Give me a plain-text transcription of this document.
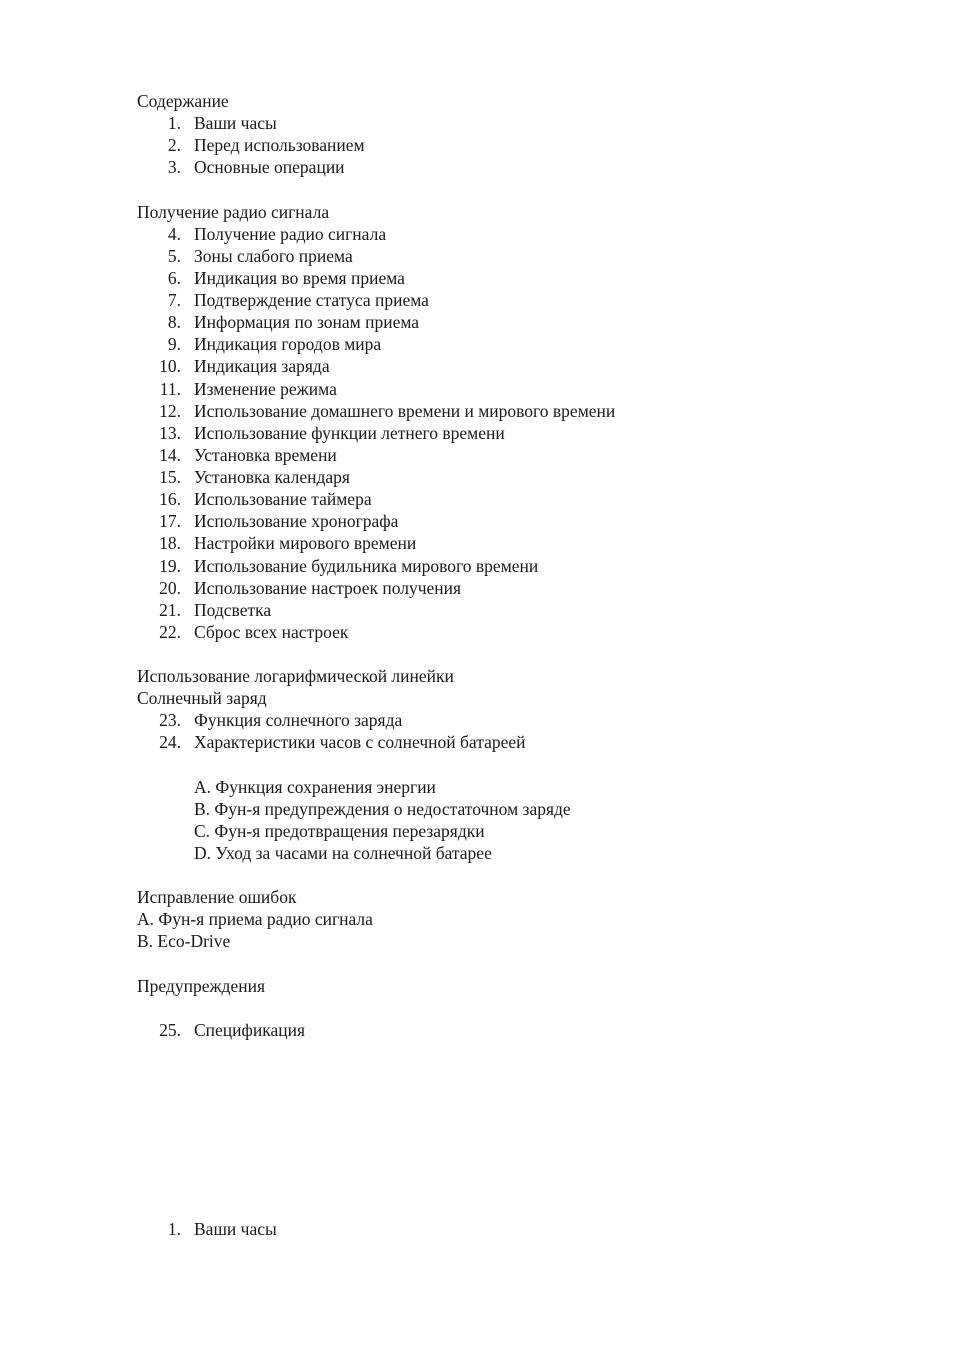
Содержание
1. Ваши часы
2. Перед использованием
3. Основные операции
Получение радио сигнала
4. Получение радио сигнала
5. Зоны слабого приема
6. Индикация во время приема
7. Подтверждение статуса приема
8. Информация по зонам приема
9. Индикация городов мира
10. Индикация заряда
11. Изменение режима
12. Использование домашнего времени и мирового времени
13. Использование функции летнего времени
14. Установка времени
15. Установка календаря
16. Использование таймера
17. Использование хронографа
18. Настройки мирового времени
19. Использование будильника мирового времени
20. Использование настроек получения
21. Подсветка
22. Сброс всех настроек
Использование логарифмической линейки
Солнечный заряд
23. Функция солнечного заряда
24. Характеристики часов с солнечной батареей
A. Функция сохранения энергии
B. Фун-я предупреждения о недостаточном заряде
C. Фун-я предотвращения перезарядки
D. Уход за часами на солнечной батарее
Исправление ошибок
A. Фун-я приема радио сигнала
B. Eco-Drive
Предупреждения
25. Спецификация
1. Ваши часы
